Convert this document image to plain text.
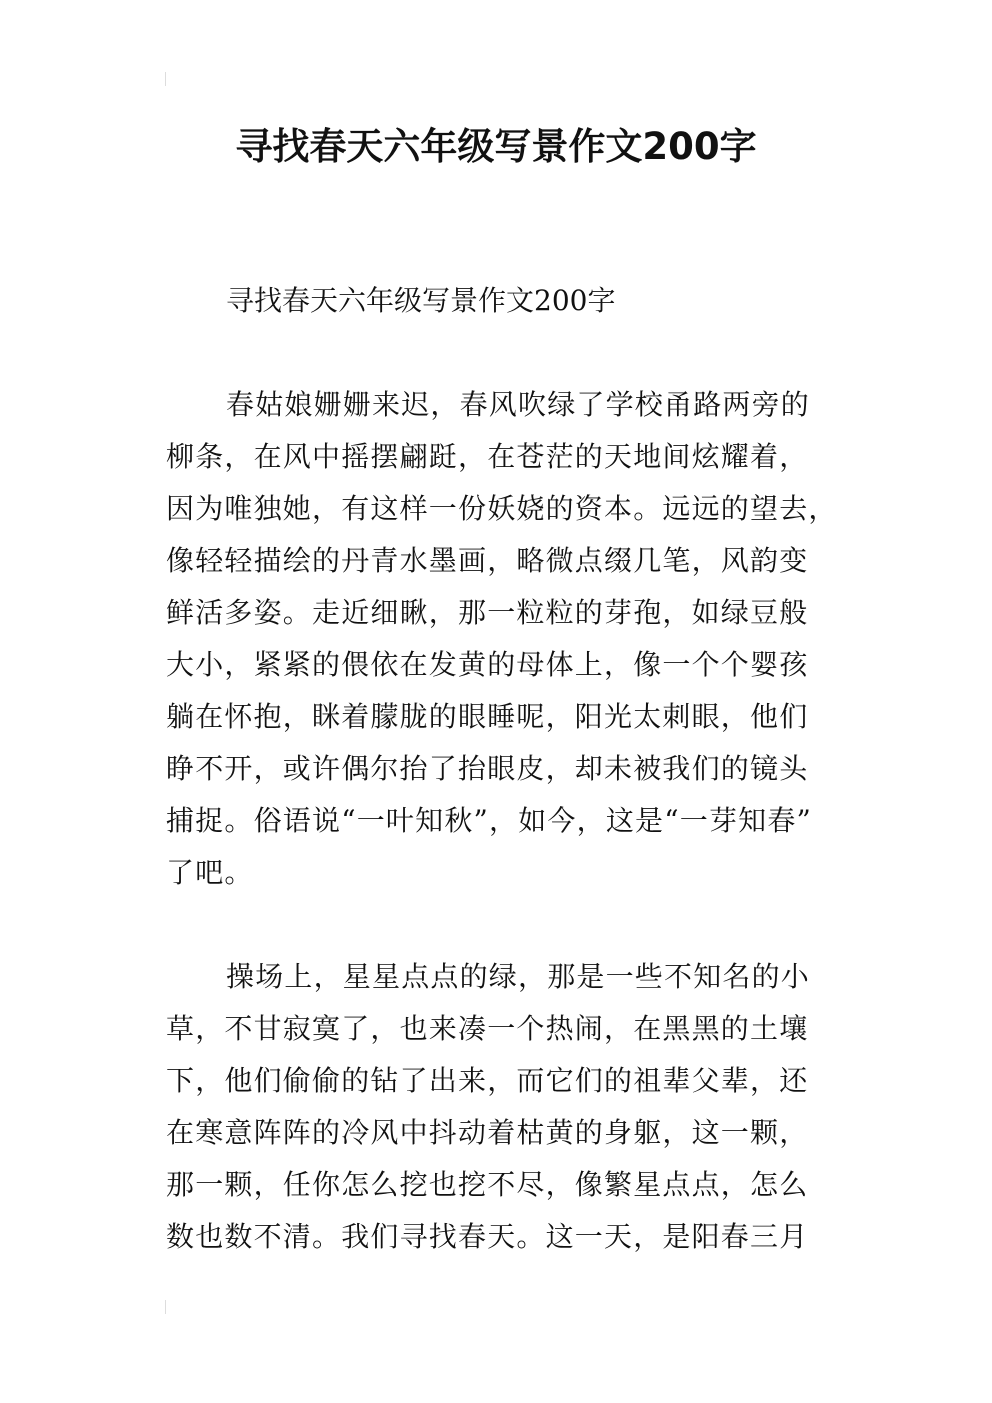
寻找春天六年级写景作文200字
寻找春天六年级写景作文200字
春姑娘姗姗来迟，春风吹绿了学校甬路两旁的
柳条，在风中摇摆翩跹，在苍茫的天地间炫耀着，
因为唯独她，有这样一份妖娆的资本。远远的望去，
像轻轻描绘的丹青水墨画，略微点缀几笔，风韵变
鲜活多姿。走近细瞅，那一粒粒的芽孢，如绿豆般
大小，紧紧的偎依在发黄的母体上，像一个个婴孩
躺在怀抱，眯着朦胧的眼睡呢，阳光太刺眼，他们
睁不开，或许偶尔抬了抬眼皮，却未被我们的镜头
捕捉。俗语说“一叶知秋”，如今，这是“一芽知春”
了吧。
操场上，星星点点的绿，那是一些不知名的小
草，不甘寂寞了，也来凑一个热闹，在黑黑的土壤
下，他们偷偷的钻了出来，而它们的祖辈父辈，还
在寒意阵阵的冷风中抖动着枯黄的身躯，这一颗，
那一颗，任你怎么挖也挖不尽，像繁星点点，怎么
数也数不清。我们寻找春天。这一天，是阳春三月
